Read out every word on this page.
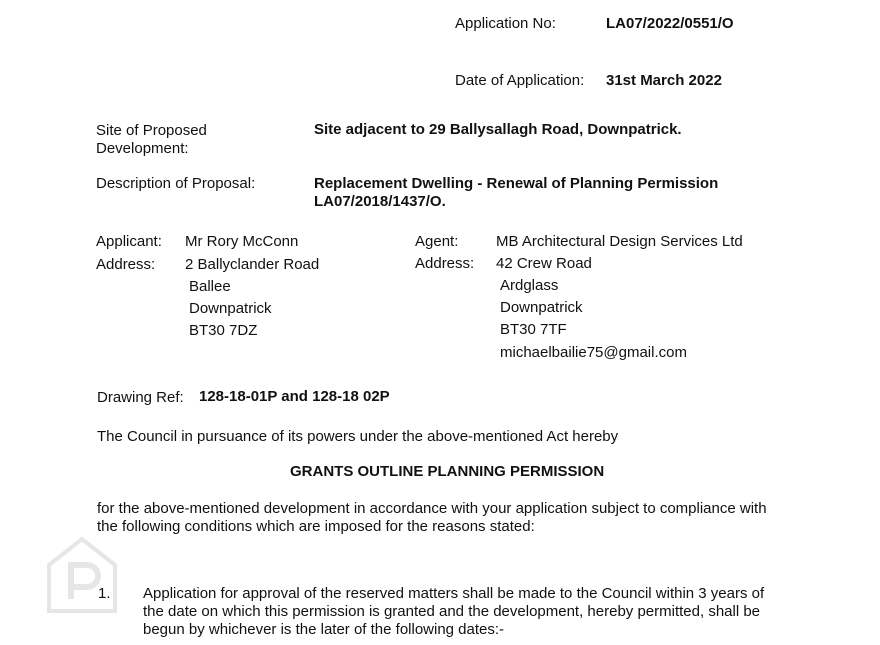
Application No:	LA07/2022/0551/O
Date of Application: 31st March 2022
Site of Proposed
Development:
Site adjacent to 29 Ballysallagh Road, Downpatrick.
Description of Proposal:	Replacement Dwelling - Renewal of Planning Permission
LA07/2018/1437/O.
Applicant: Mr Rory McConn
Address: 2 Ballyclander Road
Ballee
Downpatrick
BT30 7DZ
Agent:	MB Architectural Design Services Ltd
Address: 42 Crew Road
Ardglass
Downpatrick
BT30 7TF
michaelbailie75@gmail.com
Drawing Ref: 128-18-01P and 128-18 02P
The Council in pursuance of its powers under the above-mentioned Act hereby
GRANTS OUTLINE PLANNING PERMISSION
for the above-mentioned development in accordance with your application subject to compliance with
the following conditions which are imposed for the reasons stated:
1. Application for approval of the reserved matters shall be made to the Council within 3 years of
the date on which this permission is granted and the development, hereby permitted, shall be
begun by whichever is the later of the following dates:-
